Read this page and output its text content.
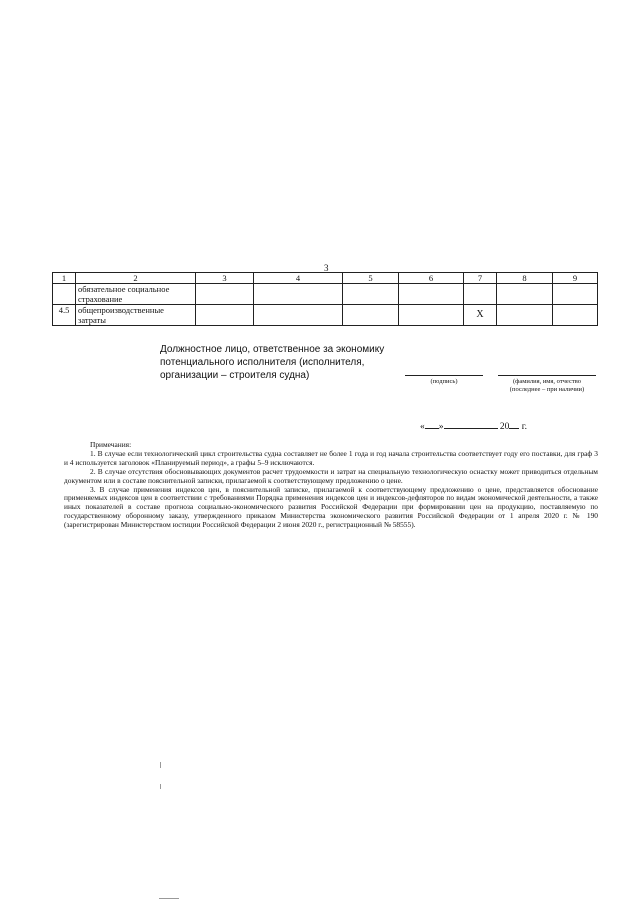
3
1	2	3	4	5	6	7	8	9
	обязательное социальное страхование							
4.5	общепроизводственные затраты					X		
Должностное лицо, ответственное за экономику
потенциального исполнителя (исполнителя,
организации – строителя судна)
(подпись)	(фамилия, имя, отчество
(последнее – при наличии)
« »	20 г.
Примечания:

1. В случае если технологический цикл строительства судна составляет не более 1 года и год начала строительства соответствует году его поставки, для граф 3 и 4 используется заголовок «Планируемый период», а графы 5–9 исключаются.

2. В случае отсутствия обосновывающих документов расчет трудоемкости и затрат на специальную технологическую оснастку может приводиться отдельным документом или в составе пояснительной записки, прилагаемой к соответствующему предложению о цене.

3. В случае применения индексов цен, в пояснительной записке, прилагаемой к соответствующему предложению о цене, представляется обоснование применяемых индексов цен в соответствии с требованиями Порядка применения индексов цен и индексов-дефляторов по видам экономической деятельности, а также иных показателей в составе прогноза социально-экономического развития Российской Федерации при формировании цен на продукцию, поставляемую по государственному оборонному заказу, утвержденного приказом Министерства экономического развития Российской Федерации от 1 апреля 2020 г. № 190 (зарегистрирован Министерством юстиции Российской Федерации 2 июня 2020 г., регистрационный № 58555).
